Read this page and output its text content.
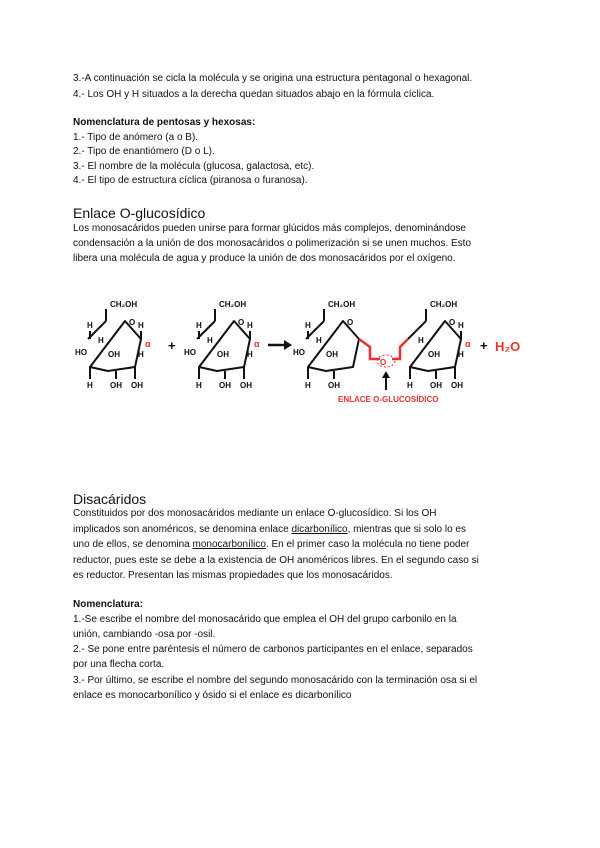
3.-A continuación se cicla la molécula y se origina una estructura pentagonal o hexagonal.
4.- Los OH y H situados a la derecha quedan situados abajo en la fórmula cíclica.
Nomenclatura de pentosas y hexosas:
1.- Tipo de anómero (a o B).
2.- Tipo de enantiómero (D o L).
3.- El nombre de la molécula (glucosa, galactosa, etc).
4.- El tipo de estructura cíclica (piranosa o furanosa).
Enlace O-glucosídico
Los monosacáridos pueden unirse para formar glúcidos más complejos, denominándose
condensación a la unión de dos monosacáridos o polimerización si se unen muchos. Esto
libera una molécula de agua y produce la unión de dos monosacáridos por el oxígeno.
CH₂OH	CH₂OH	CH₂OH	CH₂OH
O	O	O	O
H	H	H	H	H	H
H	H	H	H
OH	OH	OH	OH
HO	HO	HO
H	H	H
H	H	H	H
OH	OH	OH	OH
OH	OH	OH
α	α	α
O
ENLACE O-GLUCOSÍDICO
H₂O
+	+
Disacáridos
Constituidos por dos monosacáridos mediante un enlace O-glucosídico. Si los OH
implicados son anoméricos, se denomina enlace dicarbonílico, mientras que si solo lo es
uno de ellos, se denomina monocarbonílico. En el primer caso la molécula no tiene poder
reductor, pues este se debe a la existencia de OH anoméricos libres. En el segundo caso si
es reductor. Presentan las mismas propiedades que los monosacáridos.
Nomenclatura:
1.-Se escribe el nombre del monosacárido que emplea el OH del grupo carbonilo en la
unión, cambiando -osa por -osil.
2.- Se pone entre paréntesis el número de carbonos participantes en el enlace, separados
por una flecha corta.
3.- Por último, se escribe el nombre del segundo monosacárido con la terminación osa si el
enlace es monocarbonílico y ósido si el enlace es dicarbonílico
